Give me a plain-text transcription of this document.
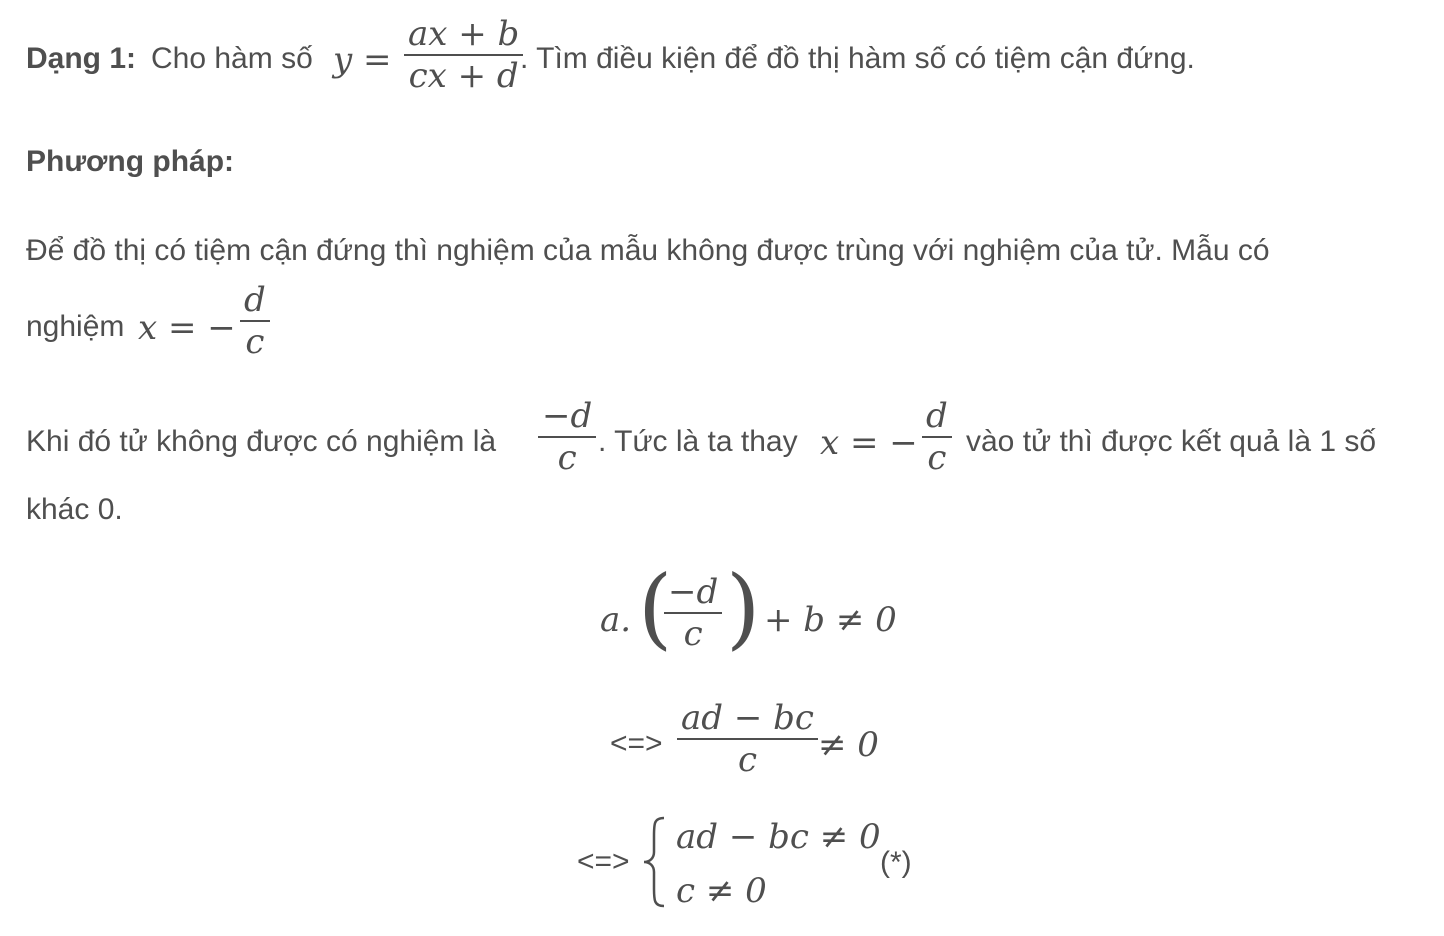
Dạng 1: Cho hàm số y =
ax + b
cx + d . Tìm điều kiện để đồ thị hàm số có tiệm cận đứng.
Phương pháp:
Để đồ thị có tiệm cận đứng thì nghiệm của mẫu không được trùng với nghiệm của tử. Mẫu có
nghiệm x = −
d
c
Khi đó tử không được có nghiệm là
−d
c . Tức là ta thay x = −
d
c vào tử thì được kết quả là 1 số
khác 0.
a. (
−d
c ) + b ≠ 0
<=>
ad − bc
c ≠ 0
<=>
ad − bc ≠ 0
c ≠ 0
(*)
